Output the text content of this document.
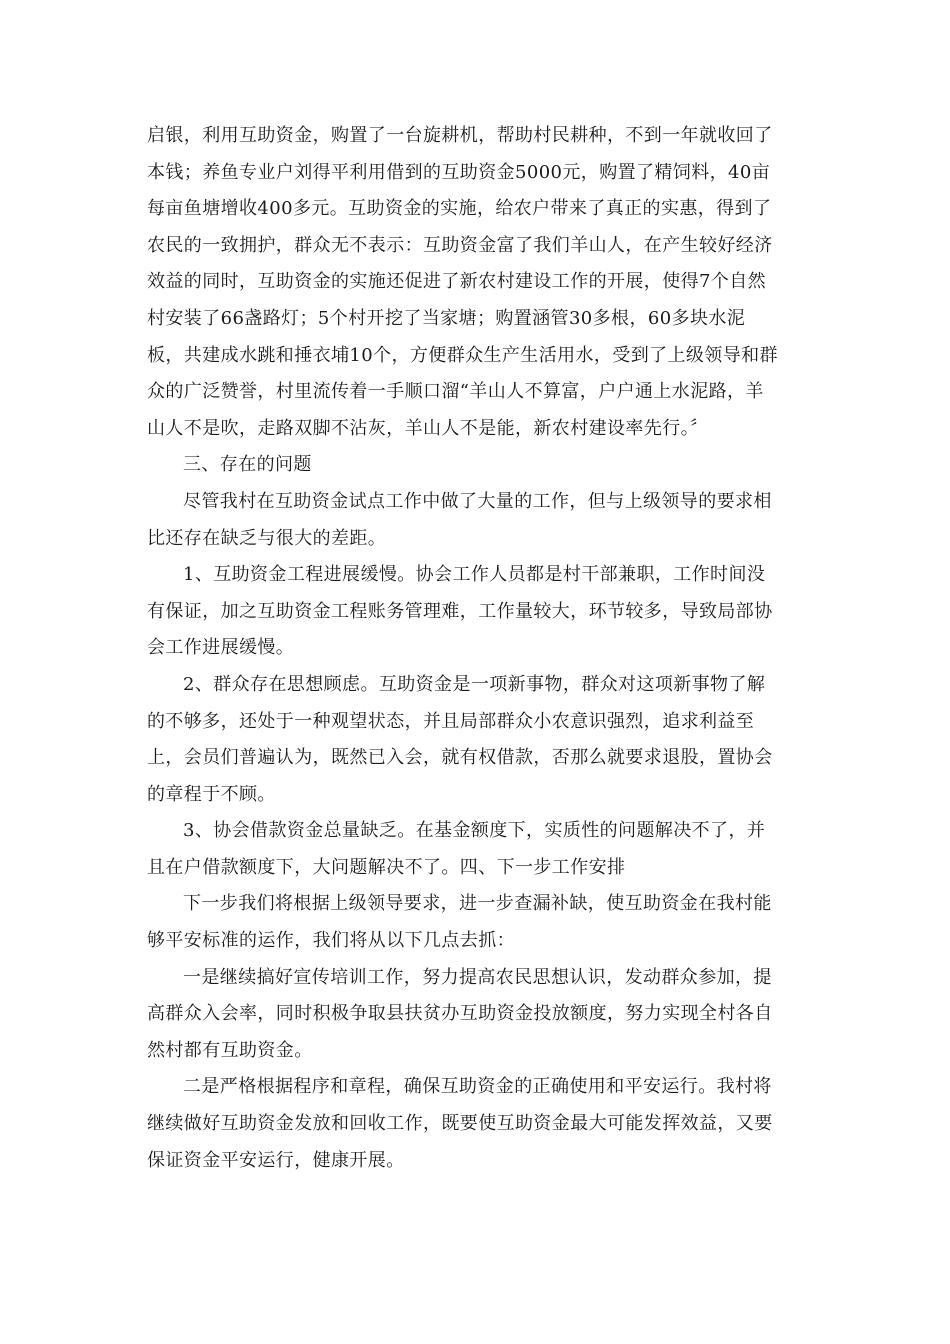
启银，利用互助资金，购置了一台旋耕机，帮助村民耕种，不到一年就收回了
本钱；养鱼专业户刘得平利用借到的互助资金5000元，购置了精饲料，40亩
每亩鱼塘增收400多元。互助资金的实施，给农户带来了真正的实惠，得到了
农民的一致拥护，群众无不表示：互助资金富了我们羊山人，在产生较好经济
效益的同时，互助资金的实施还促进了新农村建设工作的开展，使得7个自然
村安装了66盏路灯；5个村开挖了当家塘；购置涵管30多根，60多块水泥
板，共建成水跳和捶衣埔10个，方便群众生产生活用水，受到了上级领导和群
众的广泛赞誉，村里流传着一手顺口溜“羊山人不算富，户户通上水泥路，羊
山人不是吹，走路双脚不沾灰，羊山人不是能，新农村建设率先行。〞
三、存在的问题
尽管我村在互助资金试点工作中做了大量的工作，但与上级领导的要求相
比还存在缺乏与很大的差距。
1、互助资金工程进展缓慢。协会工作人员都是村干部兼职，工作时间没
有保证，加之互助资金工程账务管理难，工作量较大，环节较多，导致局部协
会工作进展缓慢。
2、群众存在思想顾虑。互助资金是一项新事物，群众对这项新事物了解
的不够多，还处于一种观望状态，并且局部群众小农意识强烈，追求利益至
上，会员们普遍认为，既然已入会，就有权借款，否那么就要求退股，置协会
的章程于不顾。
3、协会借款资金总量缺乏。在基金额度下，实质性的问题解决不了，并
且在户借款额度下，大问题解决不了。四、下一步工作安排
下一步我们将根据上级领导要求，进一步查漏补缺，使互助资金在我村能
够平安标准的运作，我们将从以下几点去抓：
一是继续搞好宣传培训工作，努力提高农民思想认识，发动群众参加，提
高群众入会率，同时积极争取县扶贫办互助资金投放额度，努力实现全村各自
然村都有互助资金。
二是严格根据程序和章程，确保互助资金的正确使用和平安运行。我村将
继续做好互助资金发放和回收工作，既要使互助资金最大可能发挥效益，又要
保证资金平安运行，健康开展。
